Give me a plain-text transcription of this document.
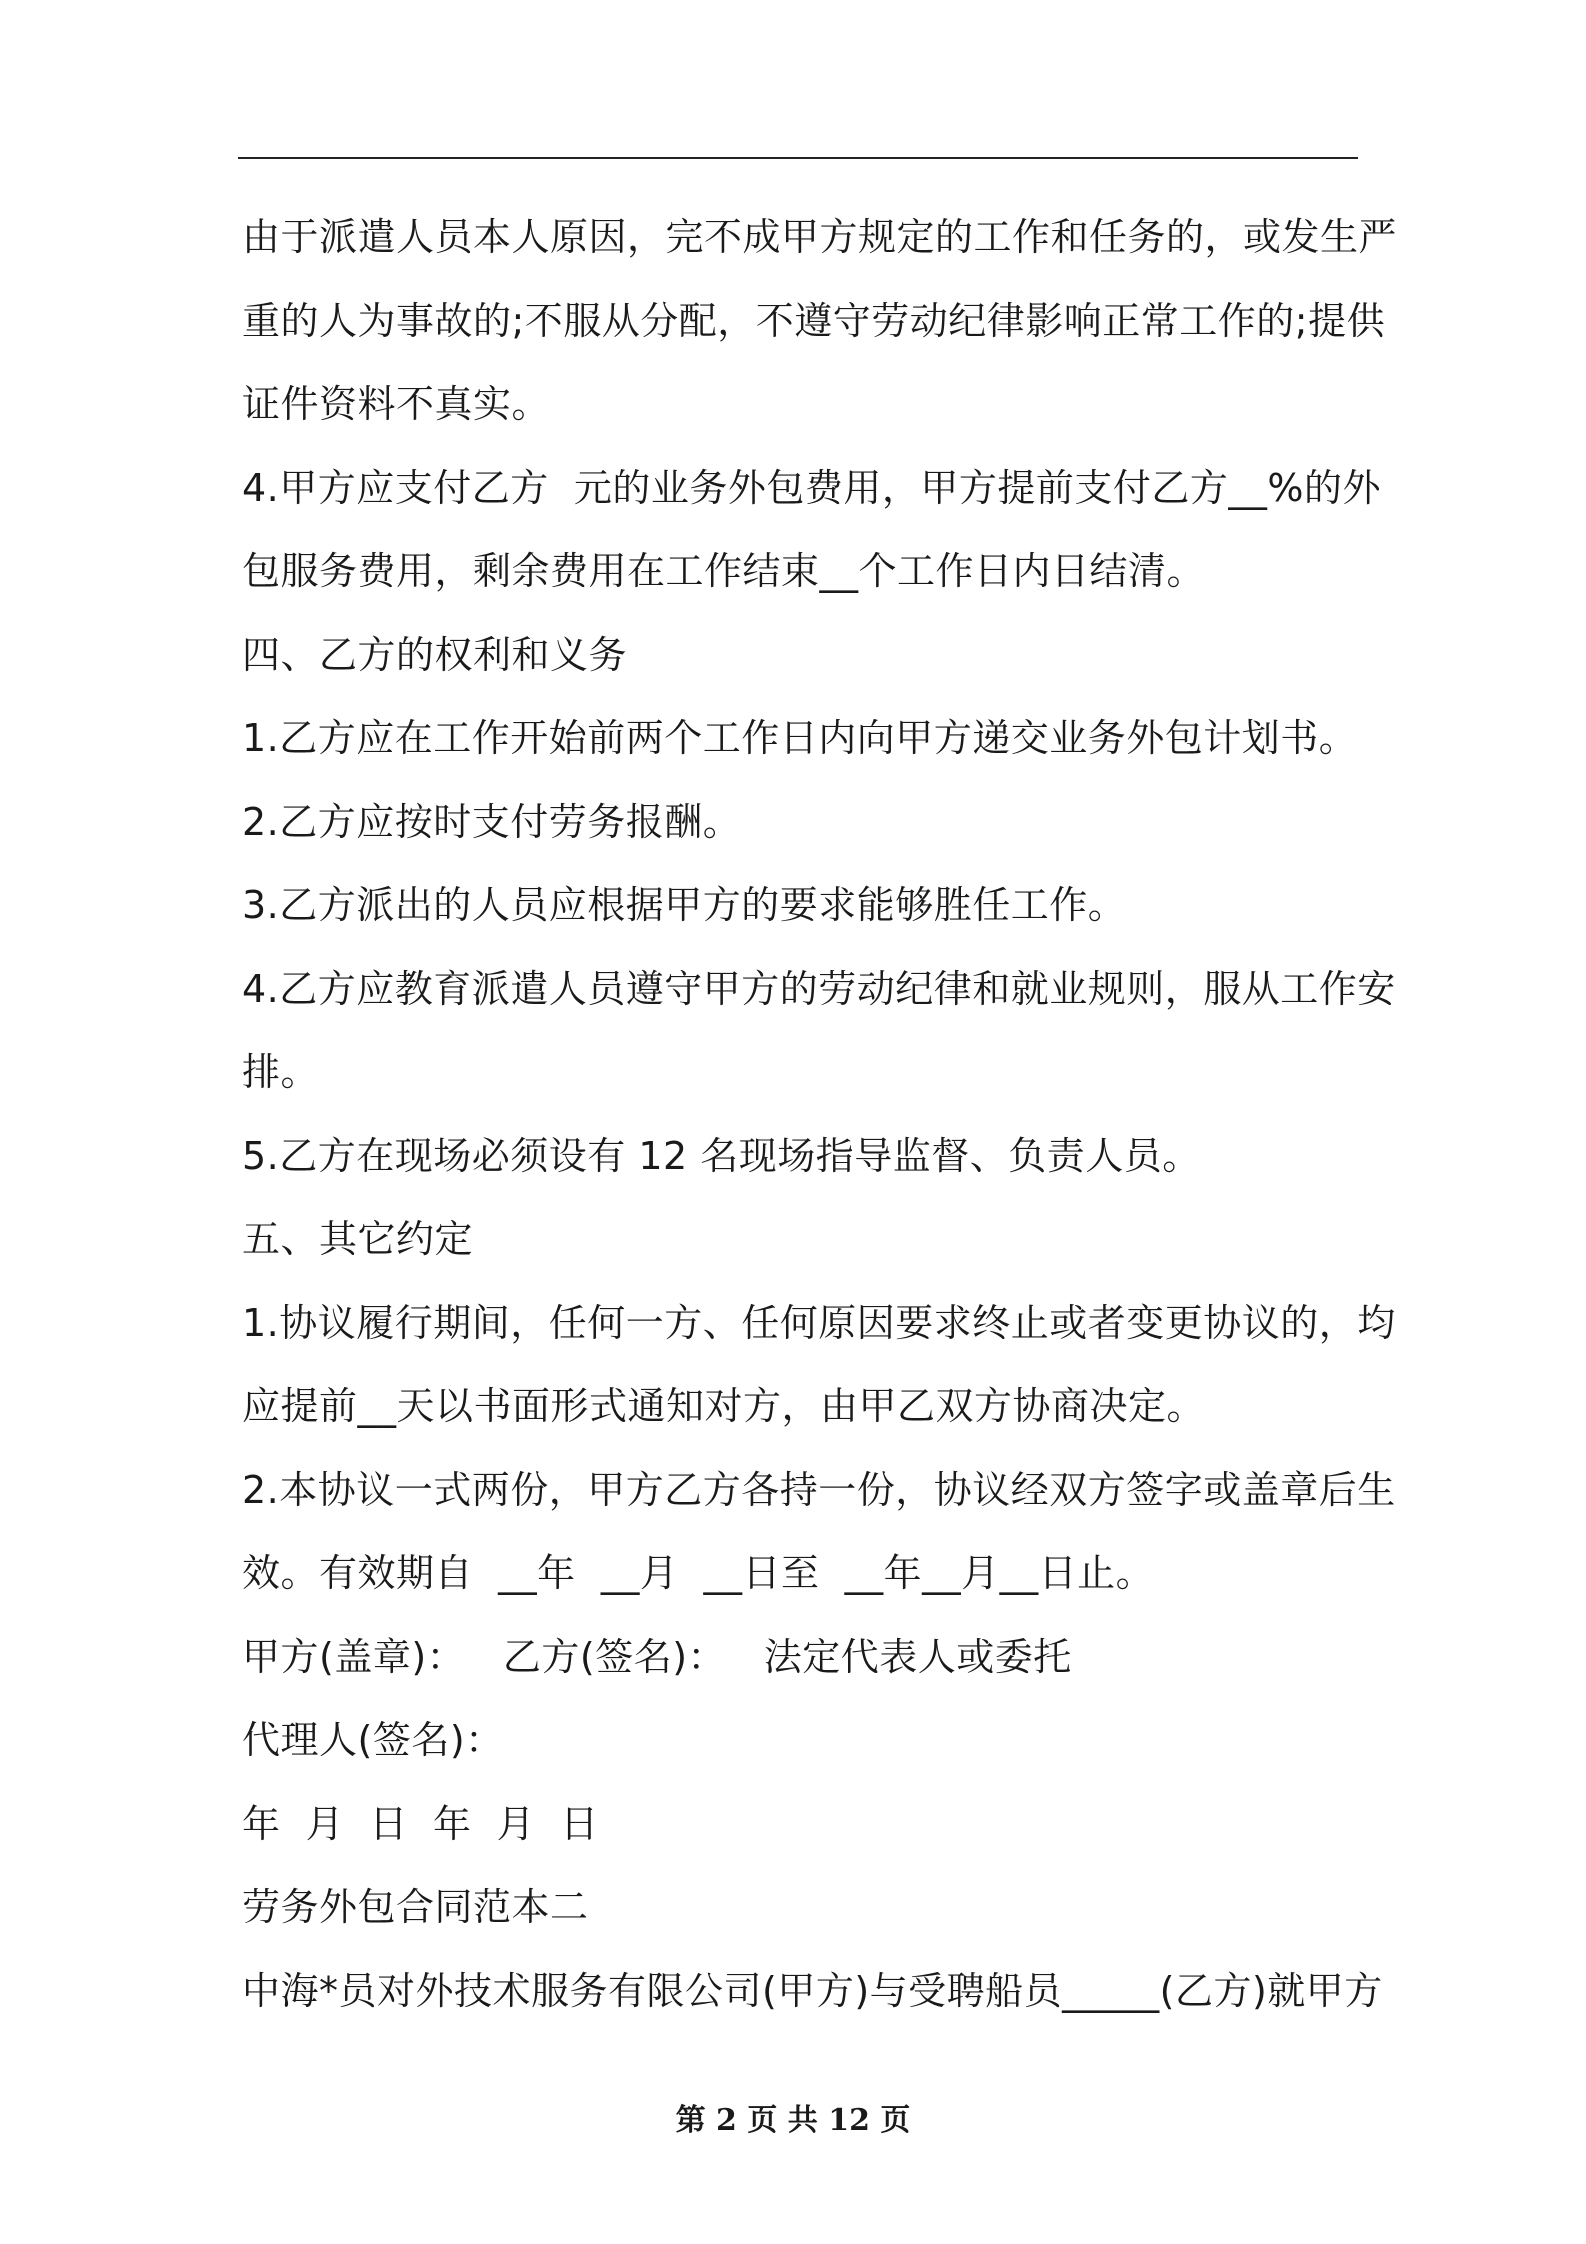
由于派遣人员本人原因，完不成甲方规定的工作和任务的，或发生严
重的人为事故的;不服从分配，不遵守劳动纪律影响正常工作的;提供
证件资料不真实。
4.甲方应支付乙方  元的业务外包费用，甲方提前支付乙方__%的外
包服务费用，剩余费用在工作结束__个工作日内日结清。
四、乙方的权利和义务
1.乙方应在工作开始前两个工作日内向甲方递交业务外包计划书。
2.乙方应按时支付劳务报酬。
3.乙方派出的人员应根据甲方的要求能够胜任工作。
4.乙方应教育派遣人员遵守甲方的劳动纪律和就业规则，服从工作安
排。
5.乙方在现场必须设有 12 名现场指导监督、负责人员。
五、其它约定
1.协议履行期间，任何一方、任何原因要求终止或者变更协议的，均
应提前__天以书面形式通知对方，由甲乙双方协商决定。
2.本协议一式两份，甲方乙方各持一份，协议经双方签字或盖章后生
效。有效期自  __年  __月  __日至  __年__月__日止。
甲方(盖章)：   乙方(签名)：   法定代表人或委托
代理人(签名)：
年  月  日  年  月  日
劳务外包合同范本二
中海*员对外技术服务有限公司(甲方)与受聘船员_____(乙方)就甲方
第 2 页 共 12 页
